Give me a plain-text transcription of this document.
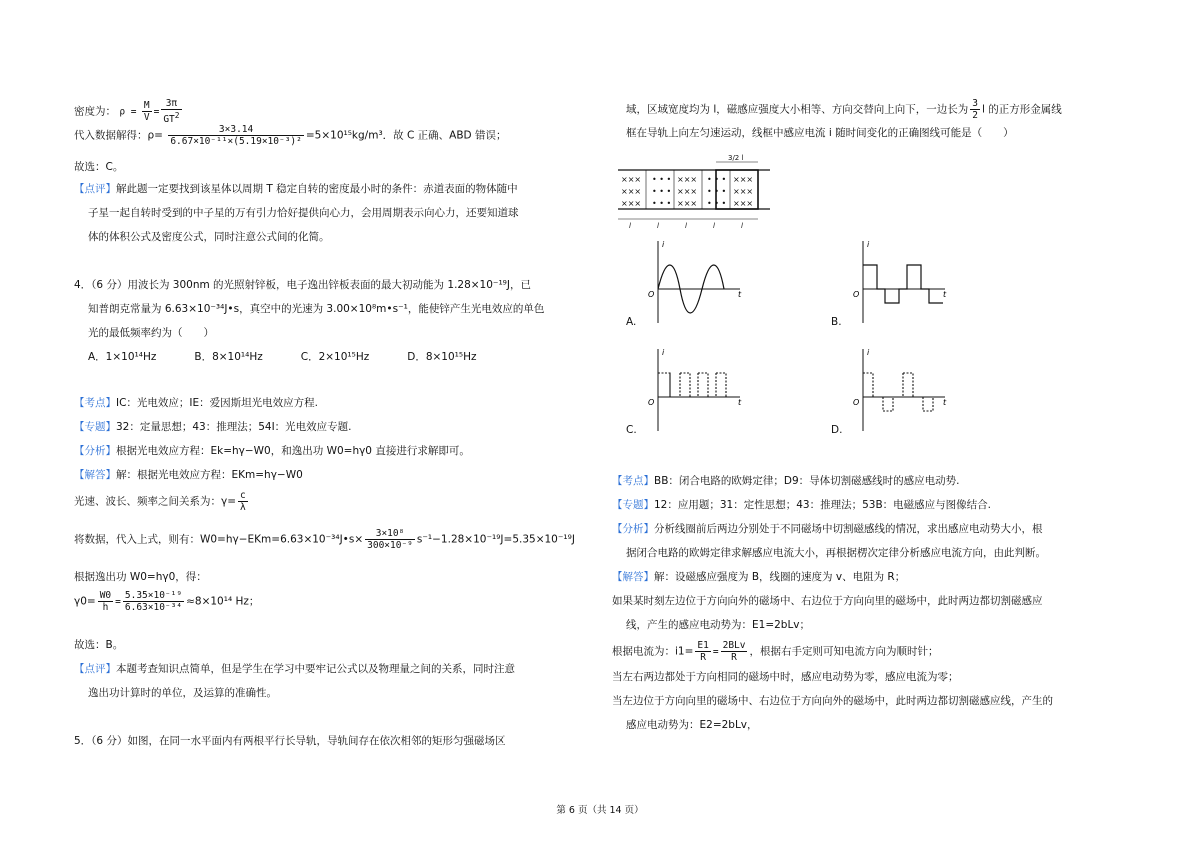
密度为： $\rho = \frac{M}{V} = \frac{3\pi}{GT^2}$
代入数据解得：$\rho= \frac{3\times 3.14}{\text{6.67×10⁻¹¹×(5.19×10⁻³)²}} =5\times 10^{15}kg/m^3$．故 C 正确、ABD 错误；
故选：C。
【点评】解此题一定要找到该星体以周期 T 稳定自转的密度最小时的条件：赤道表面的物体随中
子星一起自转时受到的中子星的万有引力恰好提供向心力，会用周期表示向心力，还要知道球
体的体积公式及密度公式，同时注意公式间的化简。
4．（6 分）用波长为 300nm 的光照射锌板，电子逸出锌板表面的最大初动能为 1.28×10⁻¹⁹J，已
知普朗克常量为 6.63×10⁻³⁴J•s，真空中的光速为 3.00×10⁸m•s⁻¹，能使锌产生光电效应的单色
光的最低频率约为（　　）
A．1×10¹⁴Hz	B．8×10¹⁴Hz	C．2×10¹⁵Hz	D．8×10¹⁵Hz
【考点】IC：光电效应；IE：爱因斯坦光电效应方程.
【专题】32：定量思想；43：推理法；54I：光电效应专题.
【分析】根据光电效应方程：Ek=hγ−W0，和逸出功 W0=hγ0 直接进行求解即可。
【解答】解：根据光电效应方程：EKm=hγ−W0
光速、波长、频率之间关系为：$\gamma= \frac{c}{\lambda}$
将数据，代入上式，则有：W0=hγ−EKm=6.63×10⁻³⁴J•s× $\frac{\text{3×10⁸}}{\text{300×10⁻⁹}} s^{-1}-1.28\times 10^{-19}J=5.35\times 10^{-19}J$
根据逸出功 W0=hγ0，得：
$\gamma 0= \frac{W0}{h} = \frac{\text{5.35×10⁻¹⁹}}{\text{6.63×10⁻³⁴}} \approx 8\times 10^{14}$ Hz；
故选：B。
【点评】本题考查知识点简单，但是学生在学习中要牢记公式以及物理量之间的关系，同时注意
逸出功计算时的单位，及运算的准确性。
5．（6 分）如图，在同一水平面内有两根平行长导轨，导轨间存在依次相邻的矩形匀强磁场区
域，区域宽度均为 l，磁感应强度大小相等、方向交替向上向下，一边长为 $\frac{3}{2}$ l 的正方形金属线
框在导轨上向左匀速运动，线框中感应电流 i 随时间变化的正确图线可能是（　　）
×××
×××
×××
• • •
• • •
• • •
×××
×××
×××
• • •
• • •
• • •
×××
×××
×××
3/2 l
l	l	l	l	l
i
t
O
A.
i
t
O
B.
i
t
O
C.
i
t
O
D.
【考点】BB：闭合电路的欧姆定律；D9：导体切割磁感线时的感应电动势.
【专题】12：应用题；31：定性思想；43：推理法；53B：电磁感应与图像结合.
【分析】分析线圈前后两边分别处于不同磁场中切割磁感线的情况，求出感应电动势大小，根
据闭合电路的欧姆定律求解感应电流大小，再根据楞次定律分析感应电流方向，由此判断。
【解答】解：设磁感应强度为 B，线圈的速度为 v、电阻为 R；
如果某时刻左边位于方向向外的磁场中、右边位于方向向里的磁场中，此时两边都切割磁感应
线，产生的感应电动势为：E1=2bLv；
根据电流为：$i1= \frac{E1}{R} = \frac{\text{2BLv}}{R}$ ，根据右手定则可知电流方向为顺时针；
当左右两边都处于方向相同的磁场中时，感应电动势为零，感应电流为零；
当左边位于方向向里的磁场中、右边位于方向向外的磁场中，此时两边都切割磁感应线，产生的
感应电动势为：E2=2bLv，
第 6 页（共 14 页）
